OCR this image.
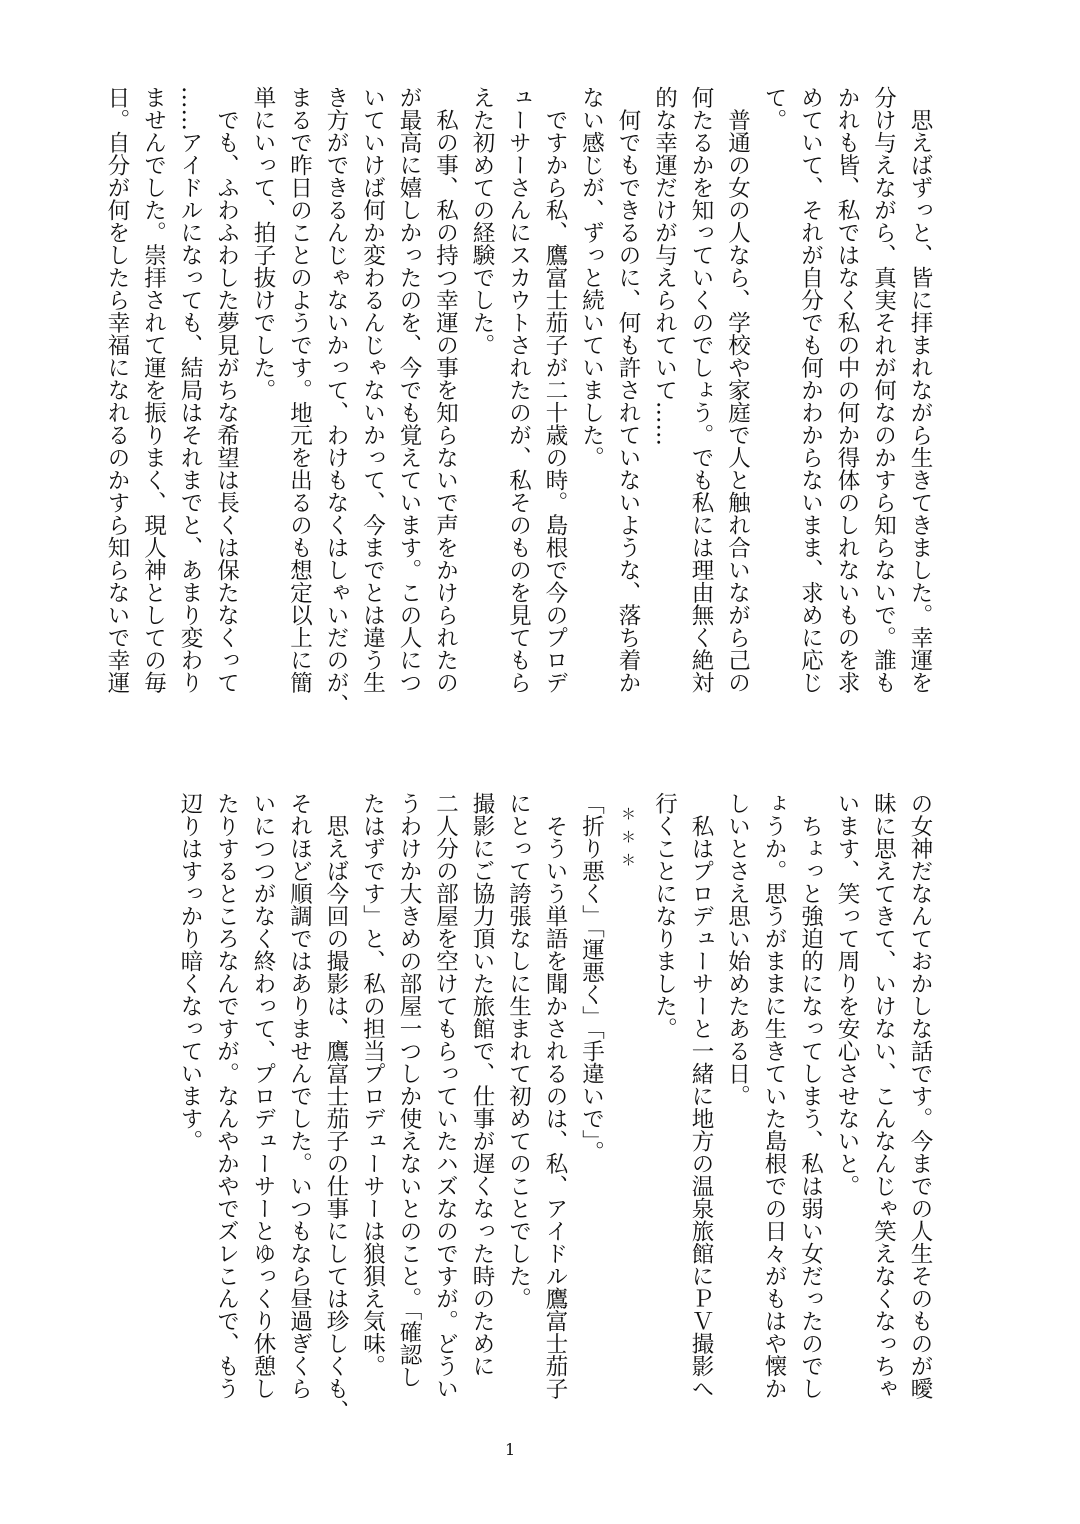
　思えばずっと、皆に拝まれながら生きてきました。幸運を
分け与えながら、真実それが何なのかすら知らないで。誰も
かれも皆、私ではなく私の中の何か得体のしれないものを求
めていて、それが自分でも何かわからないまま、求めに応じ
て。
　普通の女の人なら、学校や家庭で人と触れ合いながら己の
何たるかを知っていくのでしょう。でも私には理由無く絶対
的な幸運だけが与えられていて……
　何でもできるのに、何も許されていないような、落ち着か
ない感じが、ずっと続いていました。
　ですから私、鷹富士茄子が二十歳の時。島根で今のプロデ
ューサーさんにスカウトされたのが、私そのものを見てもら
えた初めての経験でした。
　私の事、私の持つ幸運の事を知らないで声をかけられたの
が最高に嬉しかったのを、今でも覚えています。この人につ
いていけば何か変わるんじゃないかって、今までとは違う生
き方ができるんじゃないかって、わけもなくはしゃいだのが、
まるで昨日のことのようです。地元を出るのも想定以上に簡
単にいって、拍子抜けでした。
　でも、ふわふわした夢見がちな希望は長くは保たなくって
……アイドルになっても、結局はそれまでと、あまり変わり
ませんでした。崇拝されて運を振りまく、現人神としての毎
日。自分が何をしたら幸福になれるのかすら知らないで幸運
の女神だなんておかしな話です。今までの人生そのものが曖
昧に思えてきて、いけない、こんなんじゃ笑えなくなっちゃ
います、笑って周りを安心させないと。
　ちょっと強迫的になってしまう、私は弱い女だったのでし
ょうか。思うがままに生きていた島根での日々がもはや懐か
しいとさえ思い始めたある日。
　私はプロデューサーと一緒に地方の温泉旅館にＰＶ撮影へ
行くことになりました。
＊＊＊
「折り悪く」「運悪く」「手違いで」。
　そういう単語を聞かされるのは、私、アイドル鷹富士茄子
にとって誇張なしに生まれて初めてのことでした。
撮影にご協力頂いた旅館で、仕事が遅くなった時のために
二人分の部屋を空けてもらっていたハズなのですが。どうい
うわけか大きめの部屋一つしか使えないとのこと。「確認し
たはずです」と、私の担当プロデューサーは狼狽え気味。
　思えば今回の撮影は、鷹富士茄子の仕事にしては珍しくも、
それほど順調ではありませんでした。いつもなら昼過ぎくら
いにつつがなく終わって、プロデューサーとゆっくり休憩し
たりするところなんですが。なんやかやでズレこんで、もう
辺りはすっかり暗くなっています。
1
